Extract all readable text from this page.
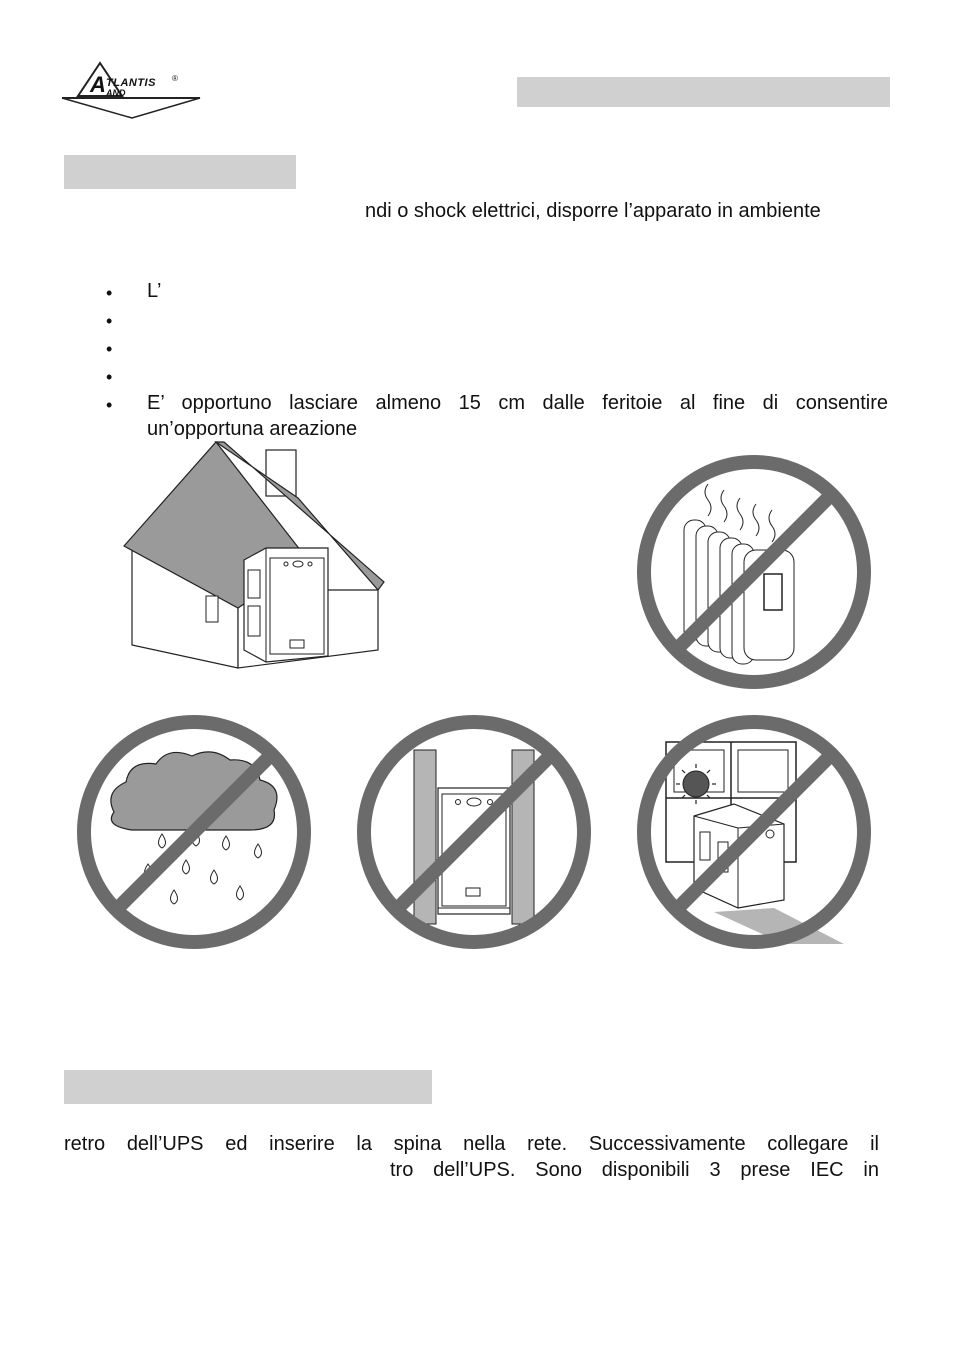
A TLANTIS ®
AND
ndi o shock elettrici, disporre l’apparato in ambiente
• L’
•
•
•
• E’ opportuno lasciare almeno 15 cm dalle feritoie al fine di consentire
un’opportuna areazione
retro dell’UPS ed inserire la spina nella rete. Successivamente collegare il
tro dell’UPS. Sono disponibili 3 prese IEC in
